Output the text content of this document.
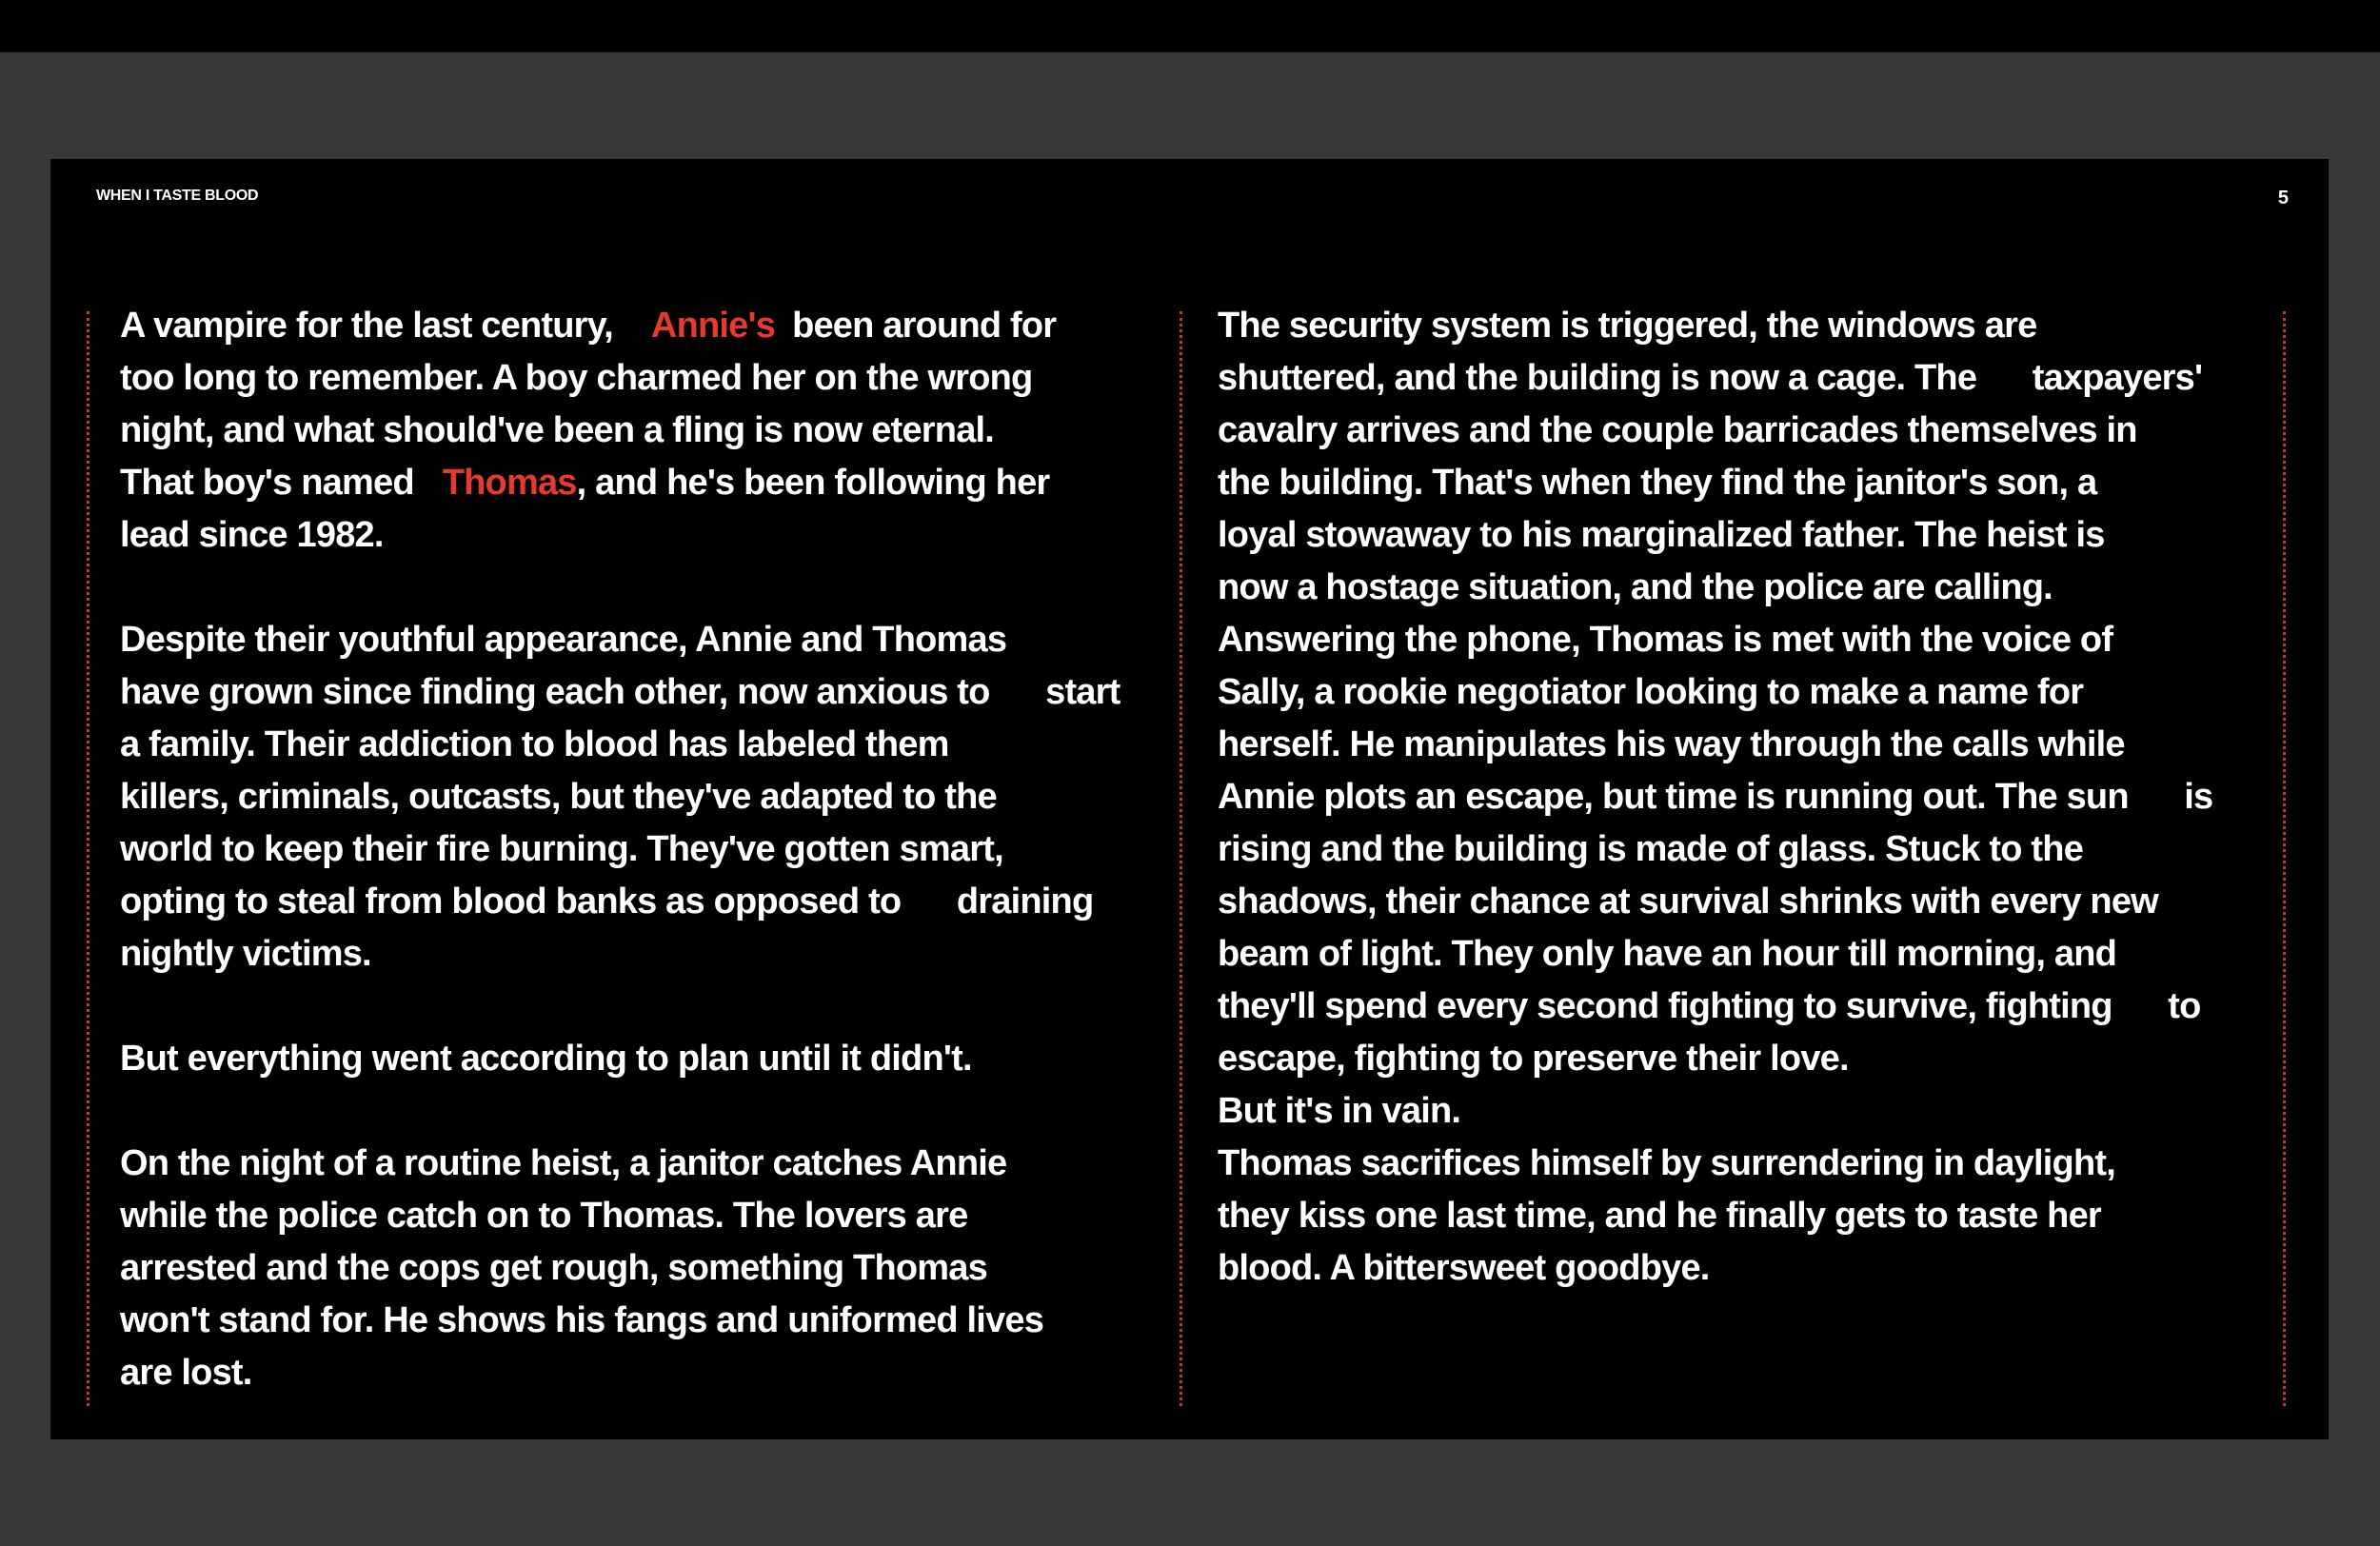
WHEN I TASTE BLOOD	5

A vampire for the last century, Annie's been around for
too long to remember. A boy charmed her on the wrong
night, and what should've been a fling is now eternal.
That boy's named Thomas, and he's been following her
lead since 1982.

Despite their youthful appearance, Annie and Thomas
have grown since finding each other, now anxious to      start
a family. Their addiction to blood has labeled them
killers, criminals, outcasts, but they've adapted to the
world to keep their fire burning. They've gotten smart,
opting to steal from blood banks as opposed to      draining
nightly victims.

But everything went according to plan until it didn't.

On the night of a routine heist, a janitor catches Annie
while the police catch on to Thomas. The lovers are
arrested and the cops get rough, something Thomas
won't stand for. He shows his fangs and uniformed lives
are lost.

The security system is triggered, the windows are
shuttered, and the building is now a cage. The      taxpayers'
cavalry arrives and the couple barricades themselves in
the building. That's when they find the janitor's son, a
loyal stowaway to his marginalized father. The heist is
now a hostage situation, and the police are calling.
Answering the phone, Thomas is met with the voice of
Sally, a rookie negotiator looking to make a name for
herself. He manipulates his way through the calls while
Annie plots an escape, but time is running out. The sun      is
rising and the building is made of glass. Stuck to the
shadows, their chance at survival shrinks with every new
beam of light. They only have an hour till morning, and
they'll spend every second fighting to survive, fighting      to
escape, fighting to preserve their love.
But it's in vain.
Thomas sacrifices himself by surrendering in daylight,
they kiss one last time, and he finally gets to taste her
blood. A bittersweet goodbye.
